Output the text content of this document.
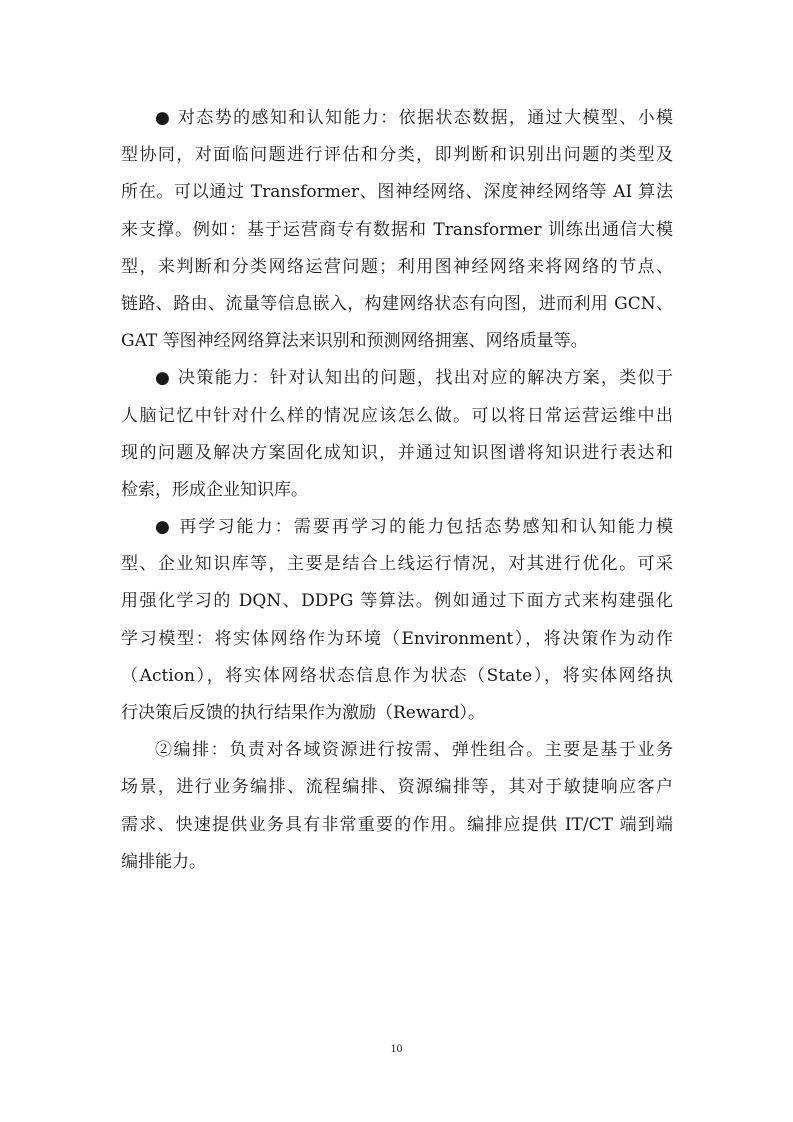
● 对态势的感知和认知能力：依据状态数据，通过大模型、小模
型协同，对面临问题进行评估和分类，即判断和识别出问题的类型及
所在。可以通过 Transformer、图神经网络、深度神经网络等 AI 算法
来支撑。例如：基于运营商专有数据和 Transformer 训练出通信大模
型，来判断和分类网络运营问题；利用图神经网络来将网络的节点、
链路、路由、流量等信息嵌入，构建网络状态有向图，进而利用 GCN、
GAT 等图神经网络算法来识别和预测网络拥塞、网络质量等。
● 决策能力：针对认知出的问题，找出对应的解决方案，类似于
人脑记忆中针对什么样的情况应该怎么做。可以将日常运营运维中出
现的问题及解决方案固化成知识，并通过知识图谱将知识进行表达和
检索，形成企业知识库。
● 再学习能力：需要再学习的能力包括态势感知和认知能力模
型、企业知识库等，主要是结合上线运行情况，对其进行优化。可采
用强化学习的 DQN、DDPG 等算法。例如通过下面方式来构建强化
学习模型：将实体网络作为环境（Environment），将决策作为动作
（Action），将实体网络状态信息作为状态（State），将实体网络执
行决策后反馈的执行结果作为激励（Reward）。
②编排：负责对各域资源进行按需、弹性组合。主要是基于业务
场景，进行业务编排、流程编排、资源编排等，其对于敏捷响应客户
需求、快速提供业务具有非常重要的作用。编排应提供 IT/CT 端到端
编排能力。
10
